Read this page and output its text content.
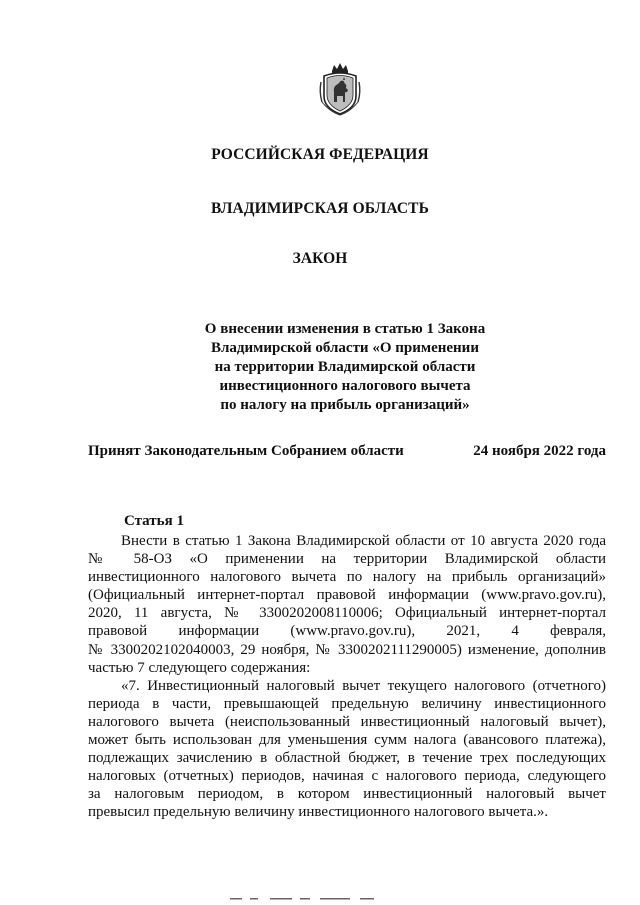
РОССИЙСКАЯ ФЕДЕРАЦИЯ
ВЛАДИМИРСКАЯ ОБЛАСТЬ
ЗАКОН
О внесении изменения в статью 1 Закона
Владимирской области «О применении
на территории Владимирской области
инвестиционного налогового вычета
по налогу на прибыль организаций»
Принят Законодательным Собранием области	24 ноября 2022 года
Статья 1
Внести в статью 1 Закона Владимирской области от 10 августа 2020 года
№ 58-ОЗ «О применении на территории Владимирской области
инвестиционного налогового вычета по налогу на прибыль организаций»
(Официальный интернет-портал правовой информации (www.pravo.gov.ru),
2020, 11 августа, № 3300202008110006; Официальный интернет-портал
правовой информации (www.pravo.gov.ru), 2021, 4 февраля,
№ 3300202102040003, 29 ноября, № 3300202111290005) изменение, дополнив
частью 7 следующего содержания:
«7. Инвестиционный налоговый вычет текущего налогового (отчетного)
периода в части, превышающей предельную величину инвестиционного
налогового вычета (неиспользованный инвестиционный налоговый вычет),
может быть использован для уменьшения сумм налога (авансового платежа),
подлежащих зачислению в областной бюджет, в течение трех последующих
налоговых (отчетных) периодов, начиная с налогового периода, следующего
за налоговым периодом, в котором инвестиционный налоговый вычет
превысил предельную величину инвестиционного налогового вычета.».
